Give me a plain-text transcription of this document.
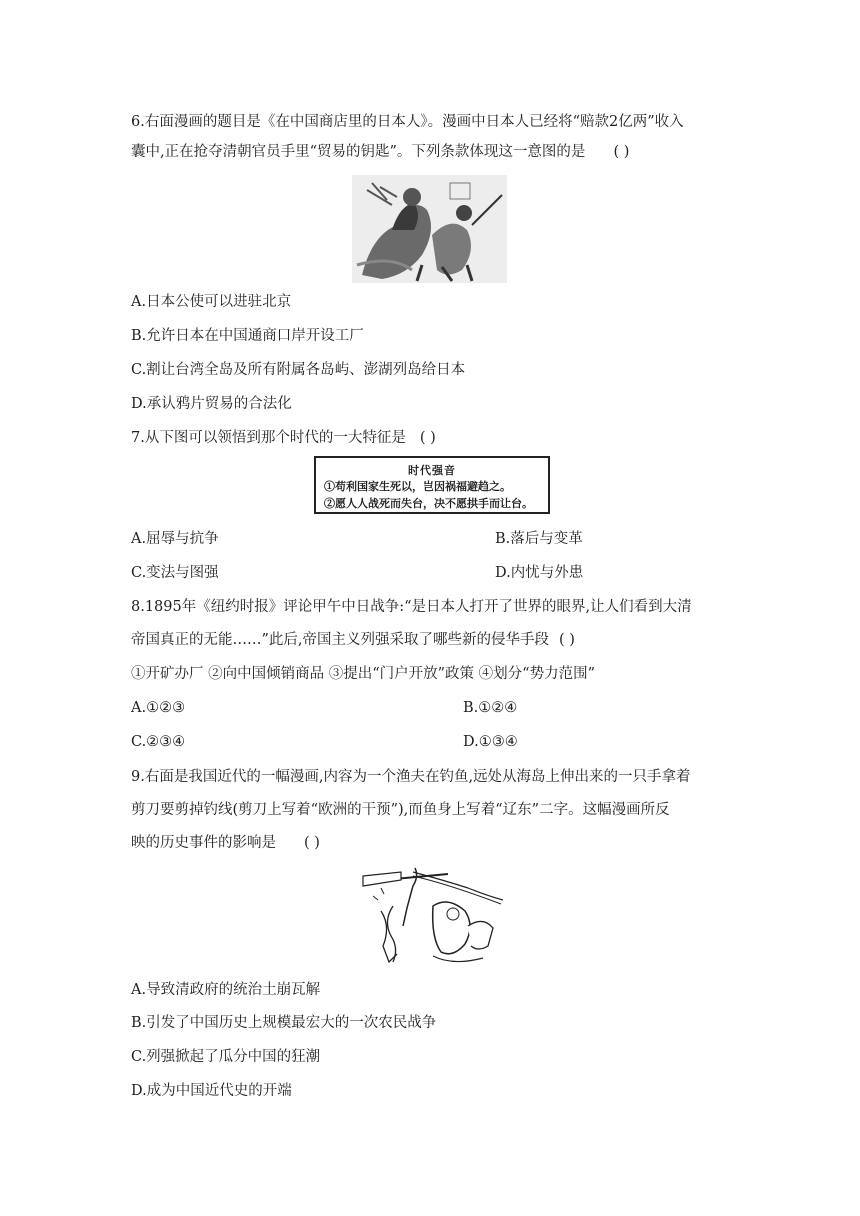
6.右面漫画的题目是《在中国商店里的日本人》。漫画中日本人已经将“赔款2亿两”收入
囊中,正在抢夺清朝官员手里“贸易的钥匙”。下列条款体现这一意图的是 ( )
A.日本公使可以进驻北京
B.允许日本在中国通商口岸开设工厂
C.割让台湾全岛及所有附属各岛屿、澎湖列岛给日本
D.承认鸦片贸易的合法化
7.从下图可以领悟到那个时代的一大特征是 ( )
时代强音
①苟利国家生死以，岂因祸福避趋之。
②愿人人战死而失台，决不愿拱手而让台。
A.屈辱与抗争	B.落后与变革
C.变法与图强	D.内忧与外患
8.1895年《纽约时报》评论甲午中日战争:“是日本人打开了世界的眼界,让人们看到大清
帝国真正的无能……”此后,帝国主义列强采取了哪些新的侵华手段 ( )
①开矿办厂 ②向中国倾销商品 ③提出“门户开放”政策 ④划分“势力范围”
A.①②③	B.①②④
C.②③④	D.①③④
9.右面是我国近代的一幅漫画,内容为一个渔夫在钓鱼,远处从海岛上伸出来的一只手拿着
剪刀要剪掉钓线(剪刀上写着“欧洲的干预”),而鱼身上写着“辽东”二字。这幅漫画所反
映的历史事件的影响是 ( )
A.导致清政府的统治土崩瓦解
B.引发了中国历史上规模最宏大的一次农民战争
C.列强掀起了瓜分中国的狂潮
D.成为中国近代史的开端
